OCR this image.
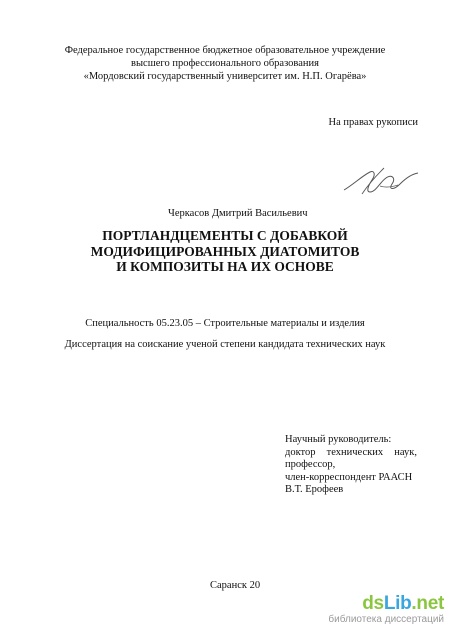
Федеральное государственное бюджетное образовательное учреждение
высшего профессионального образования
«Мордовский государственный университет им. Н.П. Огарёва»
На правах рукописи
Черкасов Дмитрий Васильевич
ПОРТЛАНДЦЕМЕНТЫ С ДОБАВКОЙ
МОДИФИЦИРОВАННЫХ ДИАТОМИТОВ
И КОМПОЗИТЫ НА ИХ ОСНОВЕ
Специальность 05.23.05 – Строительные материалы и изделия
Диссертация на соискание ученой степени кандидата технических наук
Научный руководитель:
доктор технических наук,
профессор,
член-корреспондент РААСН
В.Т. Ерофеев
Саранск 20
dsLib.net
библиотека диссертаций
